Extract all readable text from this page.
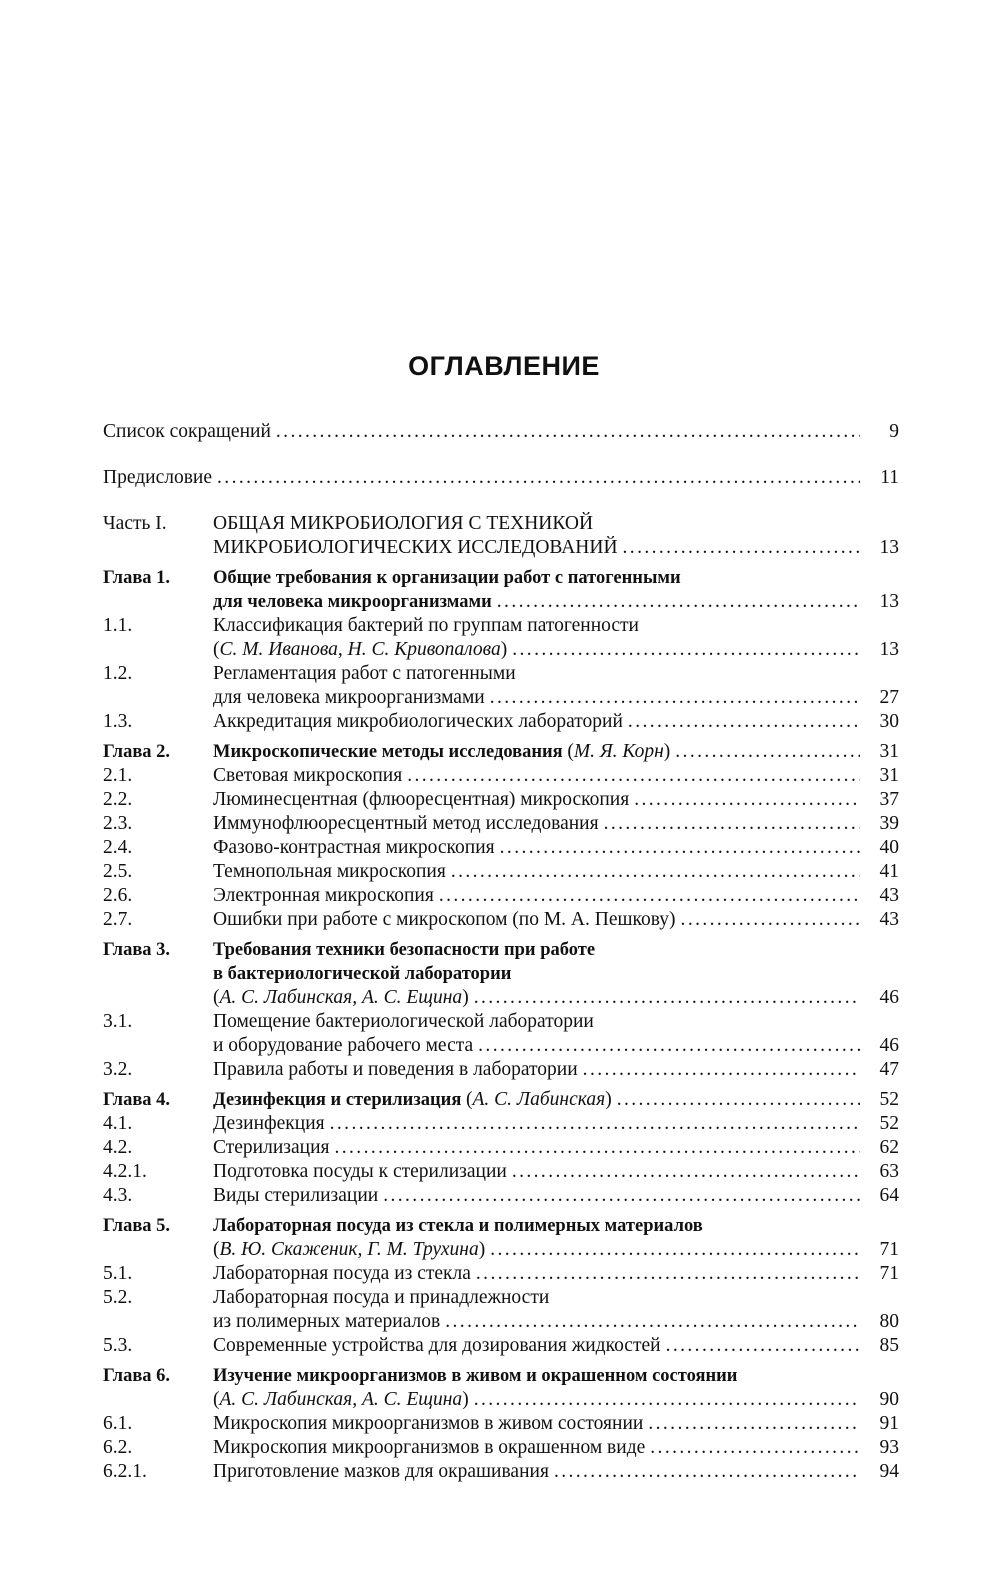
ОГЛАВЛЕНИЕ
Список сокращений .....	9
Предисловие .....	11
Часть I. ОБЩАЯ МИКРОБИОЛОГИЯ С ТЕХНИКОЙ
МИКРОБИОЛОГИЧЕСКИХ ИССЛЕДОВАНИЙ .....	13
Глава 1. Общие требования к организации работ с патогенными
для человека микроорганизмами .....	13
1.1.	Классификация бактерий по группам патогенности
(С. М. Иванова, Н. С. Кривопалова) .....	13
1.2.	Регламентация работ с патогенными
для человека микроорганизмами .....	27
1.3.	Аккредитация микробиологических лабораторий .....	30
Глава 2. Микроскопические методы исследования (М. Я. Корн) .....	31
2.1.	Световая микроскопия .....	31
2.2.	Люминесцентная (флюоресцентная) микроскопия .....	37
2.3.	Иммунофлюоресцентный метод исследования .....	39
2.4.	Фазово-контрастная микроскопия .....	40
2.5.	Темнопольная микроскопия .....	41
2.6.	Электронная микроскопия .....	43
2.7.	Ошибки при работе с микроскопом (по М. А. Пешкову) .....	43
Глава 3. Требования техники безопасности при работе
в бактериологической лаборатории
(А. С. Лабинская, А. С. Ещина) .....	46
3.1.	Помещение бактериологической лаборатории
и оборудование рабочего места .....	46
3.2.	Правила работы и поведения в лаборатории .....	47
Глава 4. Дезинфекция и стерилизация (А. С. Лабинская) .....	52
4.1.	Дезинфекция .....	52
4.2.	Стерилизация .....	62
4.2.1.	Подготовка посуды к стерилизации .....	63
4.3.	Виды стерилизации .....	64
Глава 5. Лабораторная посуда из стекла и полимерных материалов
(В. Ю. Скаженик, Г. М. Трухина) .....	71
5.1.	Лабораторная посуда из стекла .....	71
5.2.	Лабораторная посуда и принадлежности
из полимерных материалов .....	80
5.3.	Современные устройства для дозирования жидкостей .....	85
Глава 6. Изучение микроорганизмов в живом и окрашенном состоянии
(А. С. Лабинская, А. С. Ещина) .....	90
6.1.	Микроскопия микроорганизмов в живом состоянии .....	91
6.2.	Микроскопия микроорганизмов в окрашенном виде .....	93
6.2.1.	Приготовление мазков для окрашивания .....	94
